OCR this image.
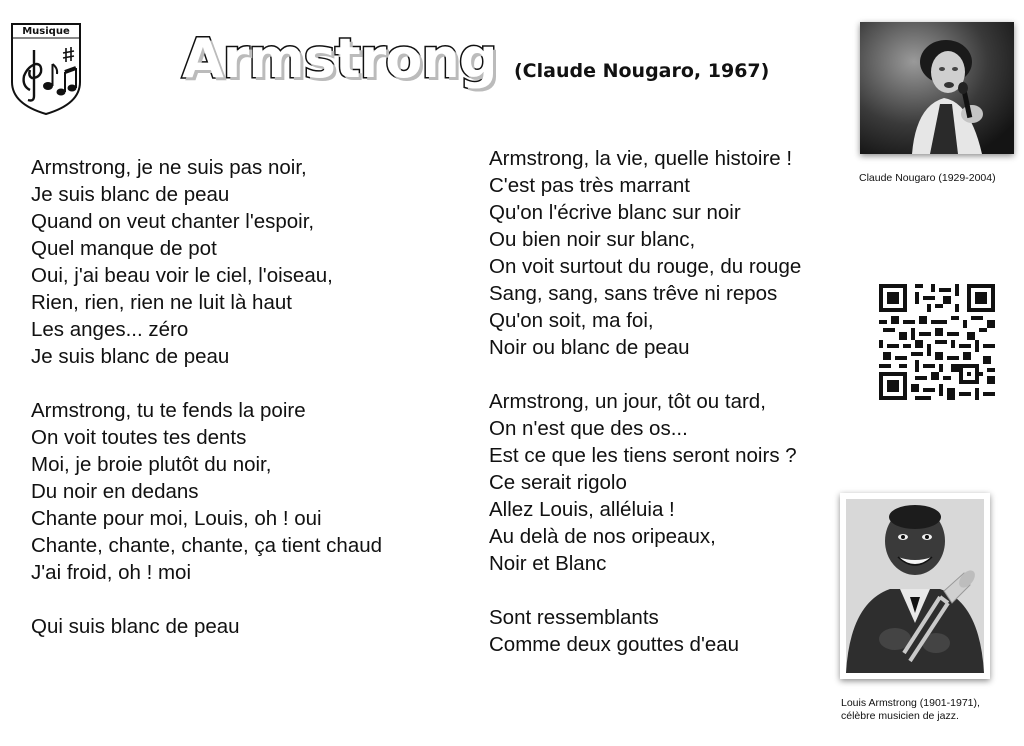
Musique Armstrong (Claude Nougaro, 1967)
Armstrong, je ne suis pas noir,
Je suis blanc de peau
Quand on veut chanter l'espoir,
Quel manque de pot
Oui, j'ai beau voir le ciel, l'oiseau,
Rien, rien, rien ne luit là haut
Les anges... zéro
Je suis blanc de peau
Armstrong, tu te fends la poire
On voit toutes tes dents
Moi, je broie plutôt du noir,
Du noir en dedans
Chante pour moi, Louis, oh ! oui
Chante, chante, chante, ça tient chaud
J'ai froid, oh ! moi
Qui suis blanc de peau
Armstrong, la vie, quelle histoire !
C'est pas très marrant
Qu'on l'écrive blanc sur noir
Ou bien noir sur blanc,
On voit surtout du rouge, du rouge
Sang, sang, sans trêve ni repos
Qu'on soit, ma foi,
Noir ou blanc de peau
Armstrong, un jour, tôt ou tard,
On n'est que des os...
Est ce que les tiens seront noirs ?
Ce serait rigolo
Allez Louis, alléluia !
Au delà de nos oripeaux,
Noir et Blanc
Sont ressemblants
Comme deux gouttes d'eau
Claude Nougaro (1929-2004)
Louis Armstrong (1901-1971),
célèbre musicien de jazz.
